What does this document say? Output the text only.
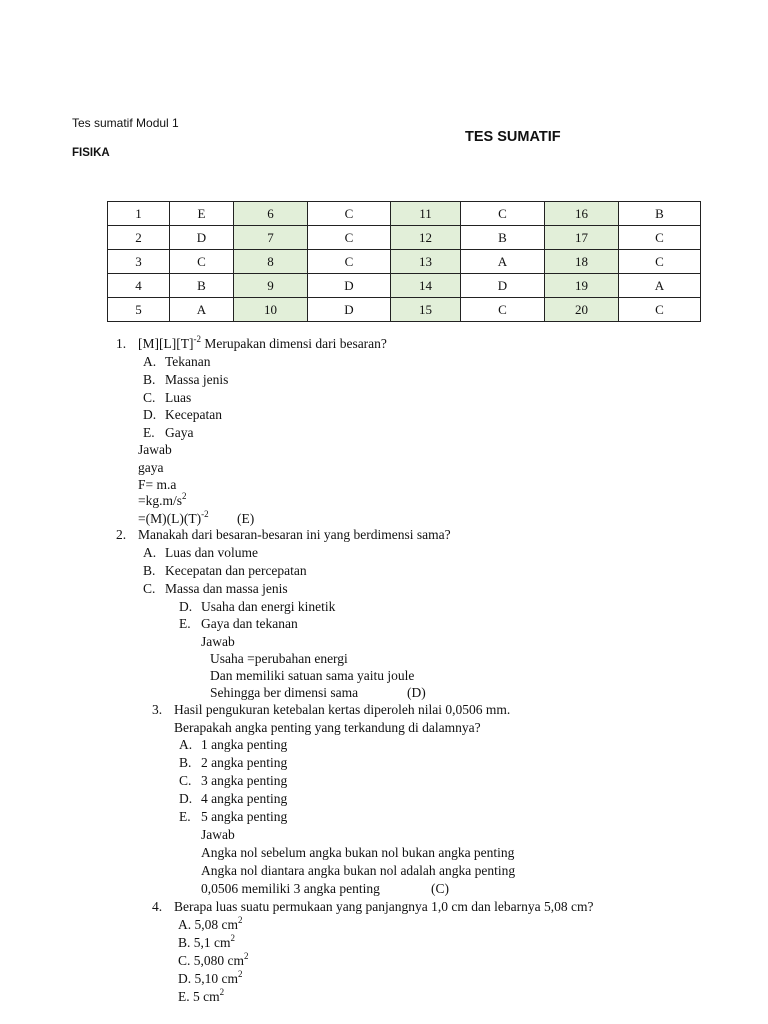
Tes sumatif Modul 1
FISIKA
TES SUMATIF
1	E	6	C	11	C	16	B
2	D	7	C	12	B	17	C
3	C	8	C	13	A	18	C
4	B	9	D	14	D	19	A
5	A	10	D	15	C	20	C
1. $[M][L][T]^{-2}$ Merupakan dimensi dari besaran?
A. Tekanan
B. Massa jenis
C. Luas
D. Kecepatan
E. Gaya
Jawab
gaya
F= m.a
$=kg.m/s^2$
$=(M)(L)(T)^{-2}$ (E)
2. Manakah dari besaran-besaran ini yang berdimensi sama?
A. Luas dan volume
B. Kecepatan dan percepatan
C. Massa dan massa jenis
D. Usaha dan energi kinetik
E. Gaya dan tekanan
Jawab
Usaha =perubahan energi
Dan memiliki satuan sama yaitu joule
Sehingga ber dimensi sama	(D)
3. Hasil pengukuran ketebalan kertas diperoleh nilai 0,0506 mm.
Berapakah angka penting yang terkandung di dalamnya?
A. 1 angka penting
B. 2 angka penting
C. 3 angka penting
D. 4 angka penting
E. 5 angka penting
Jawab
Angka nol sebelum angka bukan nol bukan angka penting
Angka nol diantara angka bukan nol adalah angka penting
0,0506 memiliki 3 angka penting	(C)
4. Berapa luas suatu permukaan yang panjangnya 1,0 cm dan lebarnya 5,08 cm?
A. 5,08 $cm^2$
B. 5,1 $cm^2$
C. 5,080 $cm^2$
D. 5,10 $cm^2$
E. 5 $cm^2$
